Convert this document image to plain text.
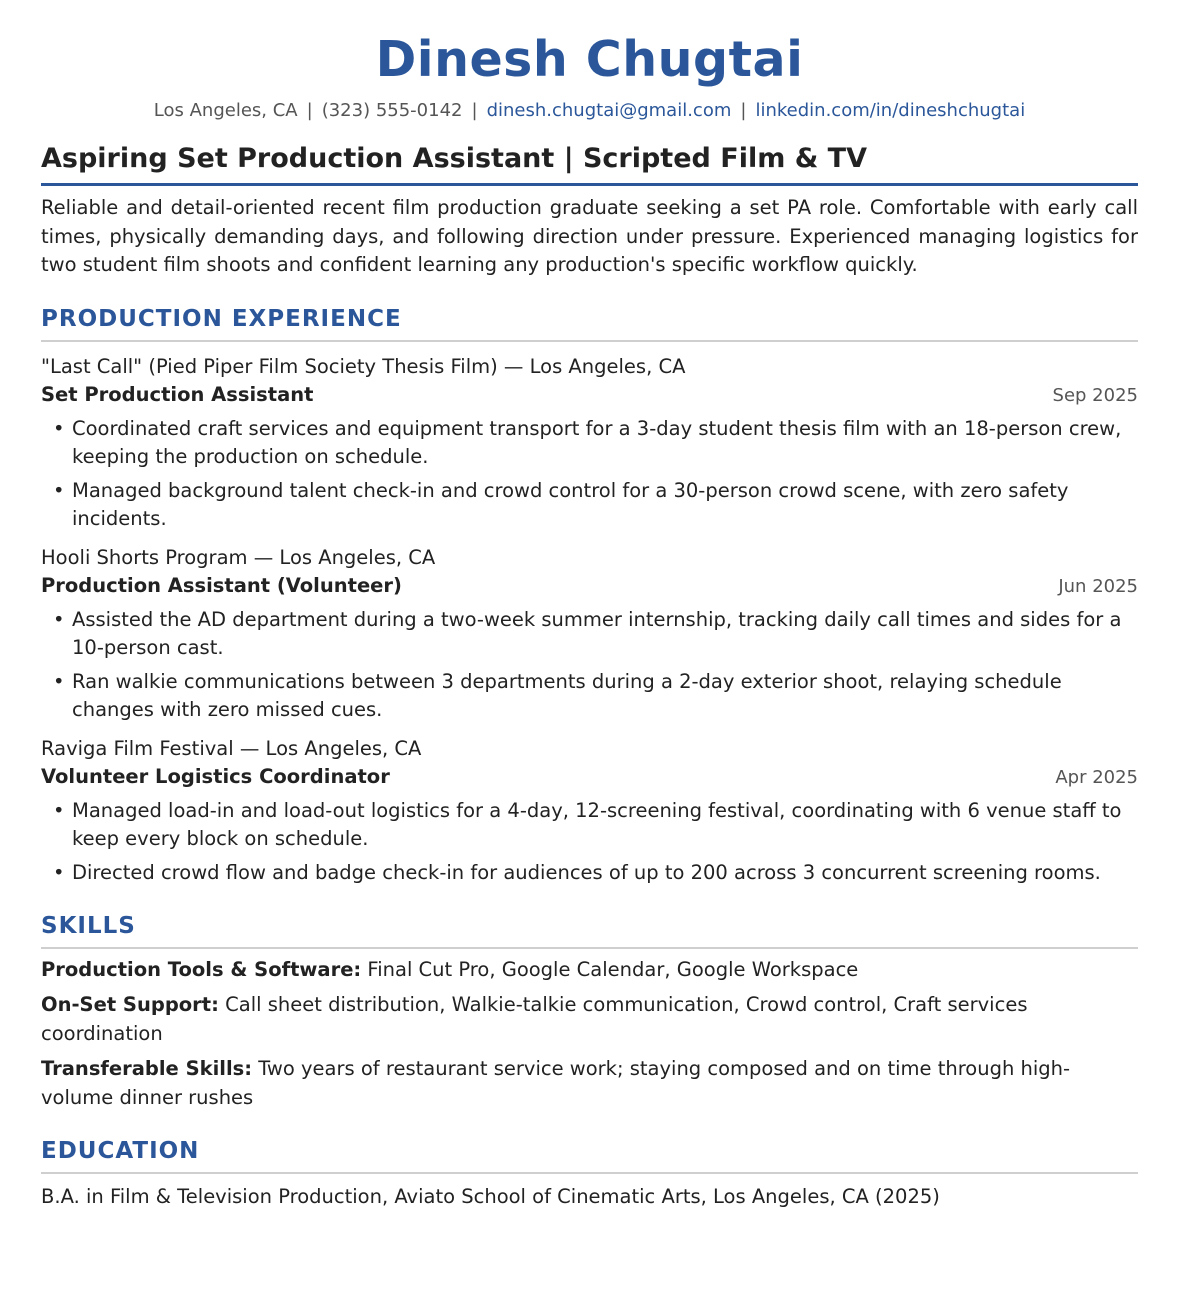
Dinesh Chugtai
Los Angeles, CA | (323) 555-0142 | dinesh.chugtai@gmail.com | linkedin.com/in/dineshchugtai
Aspiring Set Production Assistant | Scripted Film & TV
Reliable and detail-oriented recent film production graduate seeking a set PA role. Comfortable with early call times, physically demanding days, and following direction under pressure. Experienced managing logistics for two student film shoots and confident learning any production's specific workflow quickly.
PRODUCTION EXPERIENCE
"Last Call" (Pied Piper Film Society Thesis Film) — Los Angeles, CA
Set Production Assistant	Sep 2025
• Coordinated craft services and equipment transport for a 3-day student thesis film with an 18-person crew, keeping the production on schedule.
• Managed background talent check-in and crowd control for a 30-person crowd scene, with zero safety incidents.
Hooli Shorts Program — Los Angeles, CA
Production Assistant (Volunteer)	Jun 2025
• Assisted the AD department during a two-week summer internship, tracking daily call times and sides for a 10-person cast.
• Ran walkie communications between 3 departments during a 2-day exterior shoot, relaying schedule changes with zero missed cues.
Raviga Film Festival — Los Angeles, CA
Volunteer Logistics Coordinator	Apr 2025
• Managed load-in and load-out logistics for a 4-day, 12-screening festival, coordinating with 6 venue staff to keep every block on schedule.
• Directed crowd flow and badge check-in for audiences of up to 200 across 3 concurrent screening rooms.
SKILLS
Production Tools & Software: Final Cut Pro, Google Calendar, Google Workspace
On-Set Support: Call sheet distribution, Walkie-talkie communication, Crowd control, Craft services coordination
Transferable Skills: Two years of restaurant service work; staying composed and on time through high-volume dinner rushes
EDUCATION
B.A. in Film & Television Production, Aviato School of Cinematic Arts, Los Angeles, CA (2025)
